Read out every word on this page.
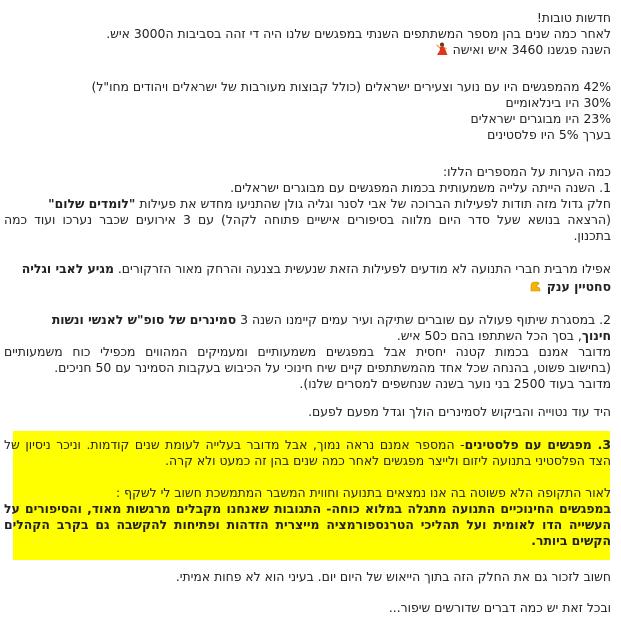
חדשות טובות!
לאחר כמה שנים בהן מספר המשתתפים השנתי במפגשים שלנו היה די זהה בסביבות ה3000 איש.
השנה פגשנו 3460 איש ואישה
42% מהמפגשים היו עם נוער וצעירים ישראלים (כולל קבוצות מעורבות של ישראלים ויהודים מחו"ל)
30% היו בינלאומיים
23% היו מבוגרים ישראלים
בערך 5% היו פלסטינים
כמה הערות על המספרים הללו:
1. השנה הייתה עלייה משמעותית בכמות המפגשים עם מבוגרים ישראלים.
חלק גדול מזה תודות לפעילות הברוכה של אבי לסנר וגליה גולן שהתניעו מחדש את פעילות "לומדים שלום"
(הרצאה בנושא שעל סדר היום מלווה בסיפורים אישיים פתוחה לקהל) עם 3 אירועים שכבר נערכו ועוד כמה
בתכנון.
אפילו מרבית חברי התנועה לא מודעים לפעילות הזאת שנעשית בצנעה והרחק מאור הזרקורים. מגיע לאבי וגליה
סחטיין ענק
2. במסגרת שיתוף פעולה עם שוברים שתיקה ועיר עמים קיימנו השנה 3 סמינרים של סופ"ש לאנשי ונשות
חינוך, בסך הכל השתתפו בהם כ50 איש.
מדובר אמנם בכמות קטנה יחסית אבל במפגשים משמעותיים ומעמיקים המהווים מכפילי כוח משמעותיים
(בחישוב פשוט, בהנחה שכל אחד מהמשתתפים קיים שיח חינוכי על הכיבוש בעקבות הסמינר עם 50 חניכים.
מדובר בעוד 2500 בני נוער בשנה שנחשפים למסרים שלנו).
היד עוד נטוייה והביקוש לסמינרים הולך וגדל מפעם לפעם.
3. מפגשים עם פלסטינים- המספר אמנם נראה נמוך, אבל מדובר בעלייה לעומת שנים קודמות. וניכר ניסיון של
הצד הפלסטיני בתנועה ליזום ולייצר מפגשים לאחר כמה שנים בהן זה כמעט ולא קרה.
לאור התקופה הלא פשוטה בה אנו נמצאים בתנועה וחווית המשבר המתמשכת חשוב לי לשקף :
במפגשים החינוכיים התנועה מתגלה במלוא כוחה- התגובות שאנחנו מקבלים מרגשות מאוד, והסיפורים על
העשייה הדו לאומית ועל תהליכי הטרנספורמציה מייצרית הזדהות ופתיחות להקשבה גם בקרב הקהלים
הקשים ביותר.
חשוב לזכור גם את החלק הזה בתוך הייאוש של היום יום. בעיני הוא לא פחות אמיתי.
ובכל זאת יש כמה דברים שדורשים שיפור...
